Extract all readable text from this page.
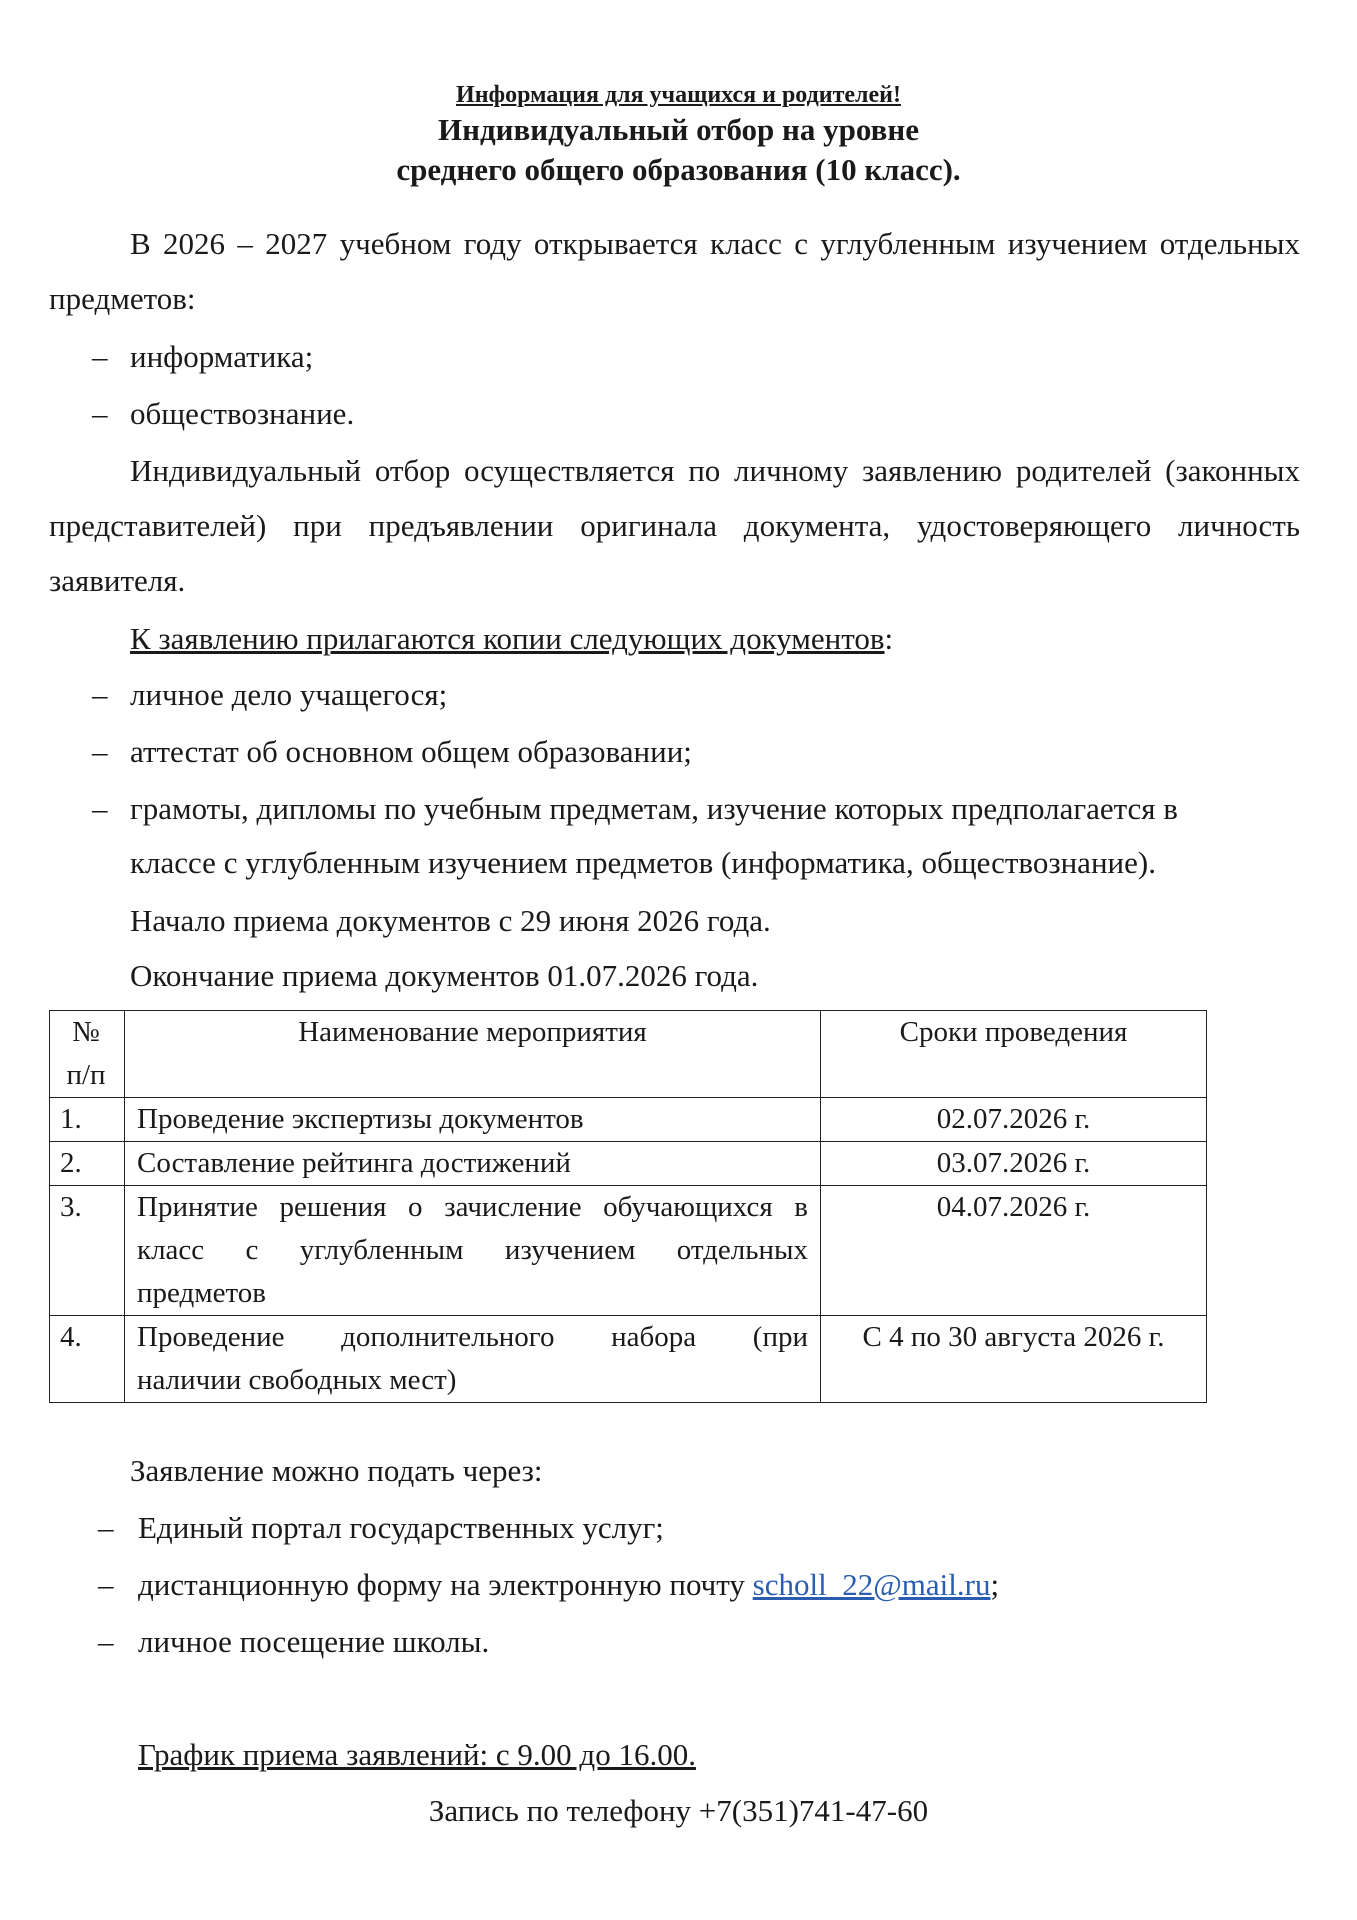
Информация для учащихся и родителей!
Индивидуальный отбор на уровне
среднего общего образования (10 класс).
В 2026 – 2027 учебном году открывается класс с углубленным изучением отдельных
предметов:
– информатика;
– обществознание.
Индивидуальный отбор осуществляется по личному заявлению родителей (законных
представителей) при предъявлении оригинала документа, удостоверяющего личность
заявителя.
К заявлению прилагаются копии следующих документов:
– личное дело учащегося;
– аттестат об основном общем образовании;
– грамоты, дипломы по учебным предметам, изучение которых предполагается в
классе с углубленным изучением предметов (информатика, обществознание).
Начало приема документов с 29 июня 2026 года.
Окончание приема документов 01.07.2026 года.
№
п/п	Наименование мероприятия	Сроки проведения
1.	Проведение экспертизы документов	02.07.2026 г.
2.	Составление рейтинга достижений	03.07.2026 г.
3.	Принятие решения о зачисление обучающихся в
класс с углубленным изучением отдельных
предметов	04.07.2026 г.
4.	Проведение дополнительного набора (при
наличии свободных мест)	С 4 по 30 августа 2026 г.
Заявление можно подать через:
– Единый портал государственных услуг;
– дистанционную форму на электронную почту scholl_22@mail.ru;
– личное посещение школы.
График приема заявлений: с 9.00 до 16.00.
Запись по телефону +7(351)741-47-60
